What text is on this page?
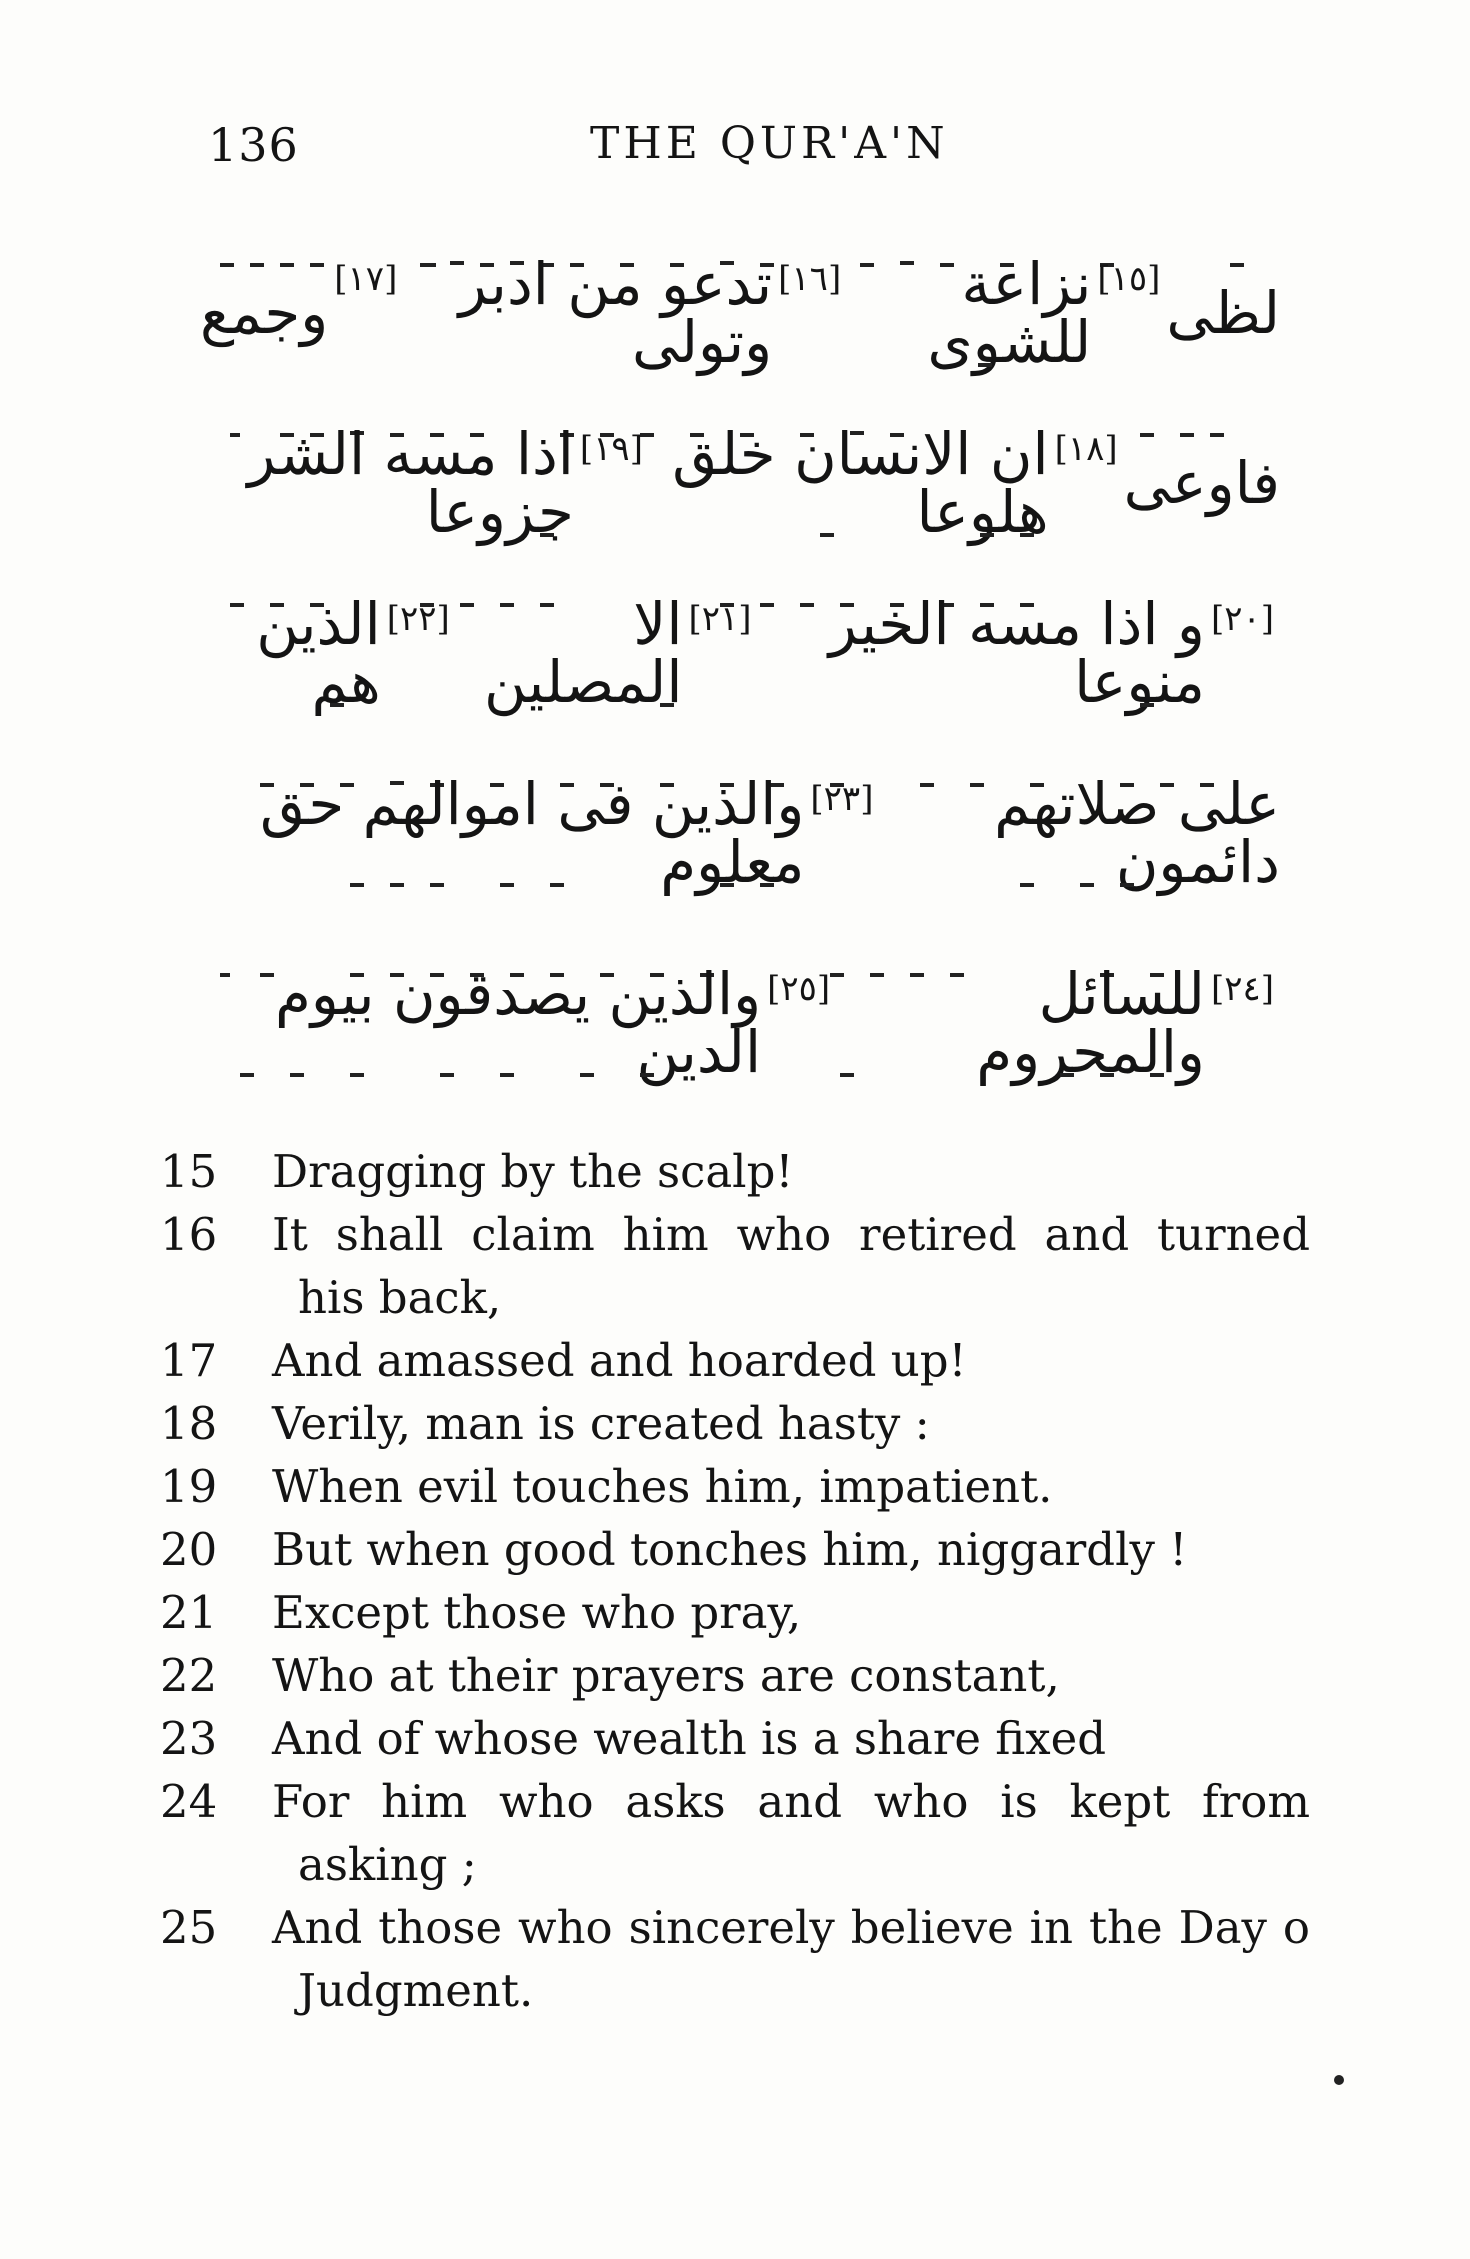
136	THE QUR'A'N
لظى
[١٥]
نزاعة للشوى
[١٦]
تدعو من ادبر وتولى
[١٧]
وجمع
فاوعى
[١٨]
ان الانسان خلق هلوعا
[١٩]
اذا مسه الشر جزوعا
[٢٠]
و اذا مسه الخير منوعا
[٢١]
الا المصلين
[٢٢]
الذين هم
على صلاتهم دائمون
[٢٣]
والذين فى اموالهم حق معلوم
[٢٤]
للسائل والمحروم
[٢٥]
والذين يصدقون بيوم الدين
15	Dragging by the scalp!
16	It shall claim him who retired and turned
his back,
17	And amassed and hoarded up!
18	Verily, man is created hasty :
19	When evil touches him, impatient.
20	But when good tonches him, niggardly !
21	Except those who pray,
22	Who at their prayers are constant,
23	And of whose wealth is a share fixed
24	For him who asks and who is kept from
asking ;
25	And those who sincerely believe in the Day o
Judgment.
